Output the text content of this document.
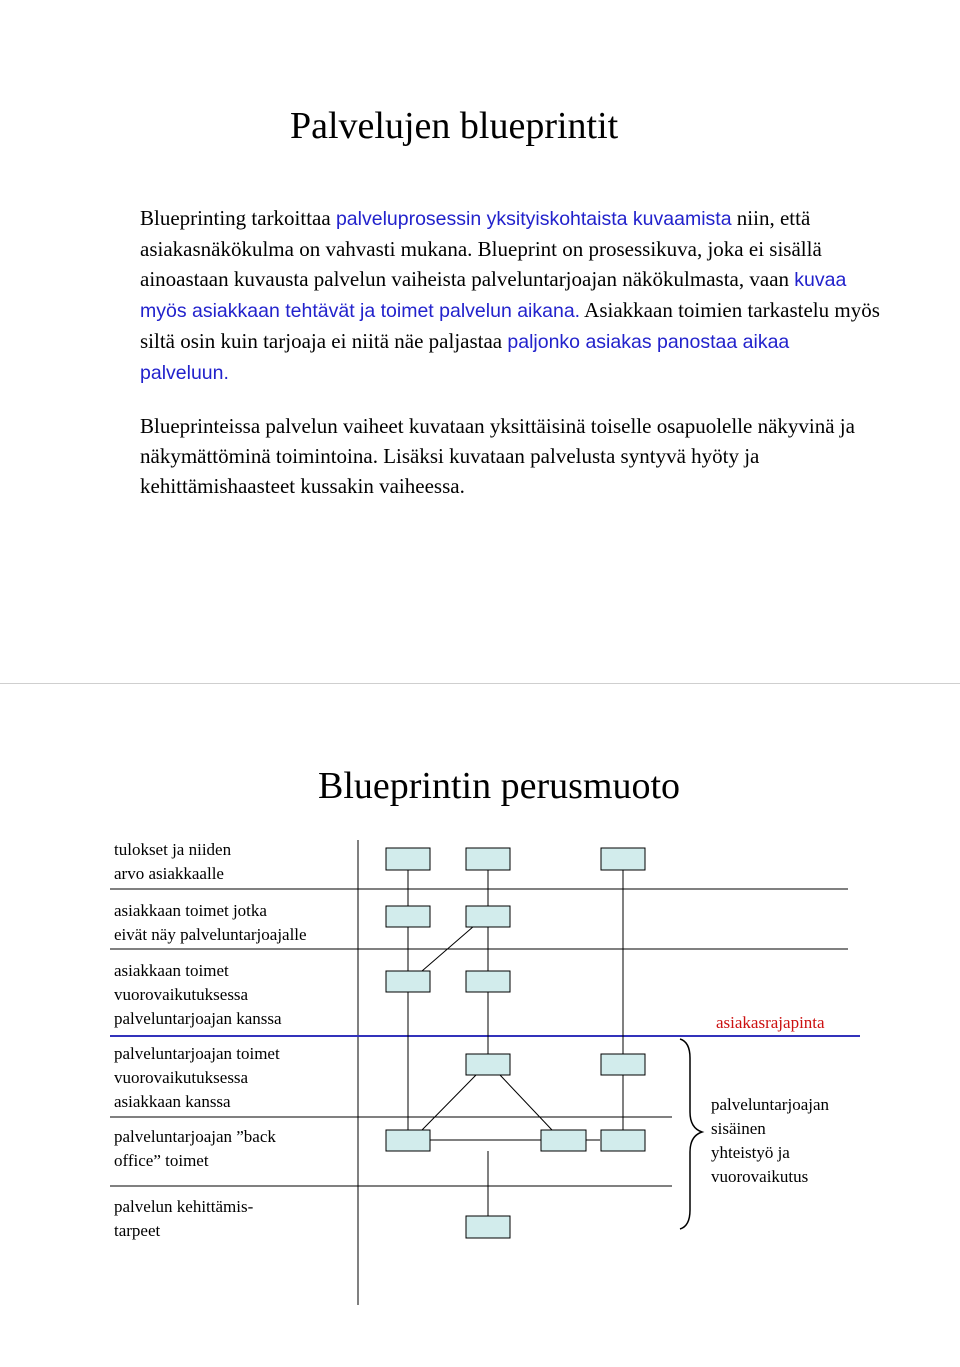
Palvelujen blueprintit
Blueprinting tarkoittaa palveluprosessin yksityiskohtaista kuvaamista niin, että asiakasnäkökulma on vahvasti mukana. Blueprint on prosessikuva, joka ei sisällä ainoastaan kuvausta palvelun vaiheista palveluntarjoajan näkökulmasta, vaan kuvaa myös asiakkaan tehtävät ja toimet palvelun aikana. Asiakkaan toimien tarkastelu myös siltä osin kuin tarjoaja ei niitä näe paljastaa paljonko asiakas panostaa aikaa palveluun.
Blueprinteissa palvelun vaiheet kuvataan yksittäisinä toiselle osapuolelle näkyvinä ja näkymättöminä toimintoina. Lisäksi kuvataan palvelusta syntyvä hyöty ja kehittämishaasteet kussakin vaiheessa.
Blueprintin perusmuoto
tulokset ja niiden
arvo asiakkaalle
asiakkaan toimet jotka
eivät näy palveluntarjoajalle
asiakkaan toimet
vuorovaikutuksessa
palveluntarjoajan kanssa
palveluntarjoajan toimet
vuorovaikutuksessa
asiakkaan kanssa
palveluntarjoajan ”back
office” toimet
palvelun kehittämis-
tarpeet
asiakasrajapinta
palveluntarjoajan
sisäinen
yhteistyö ja
vuorovaikutus
